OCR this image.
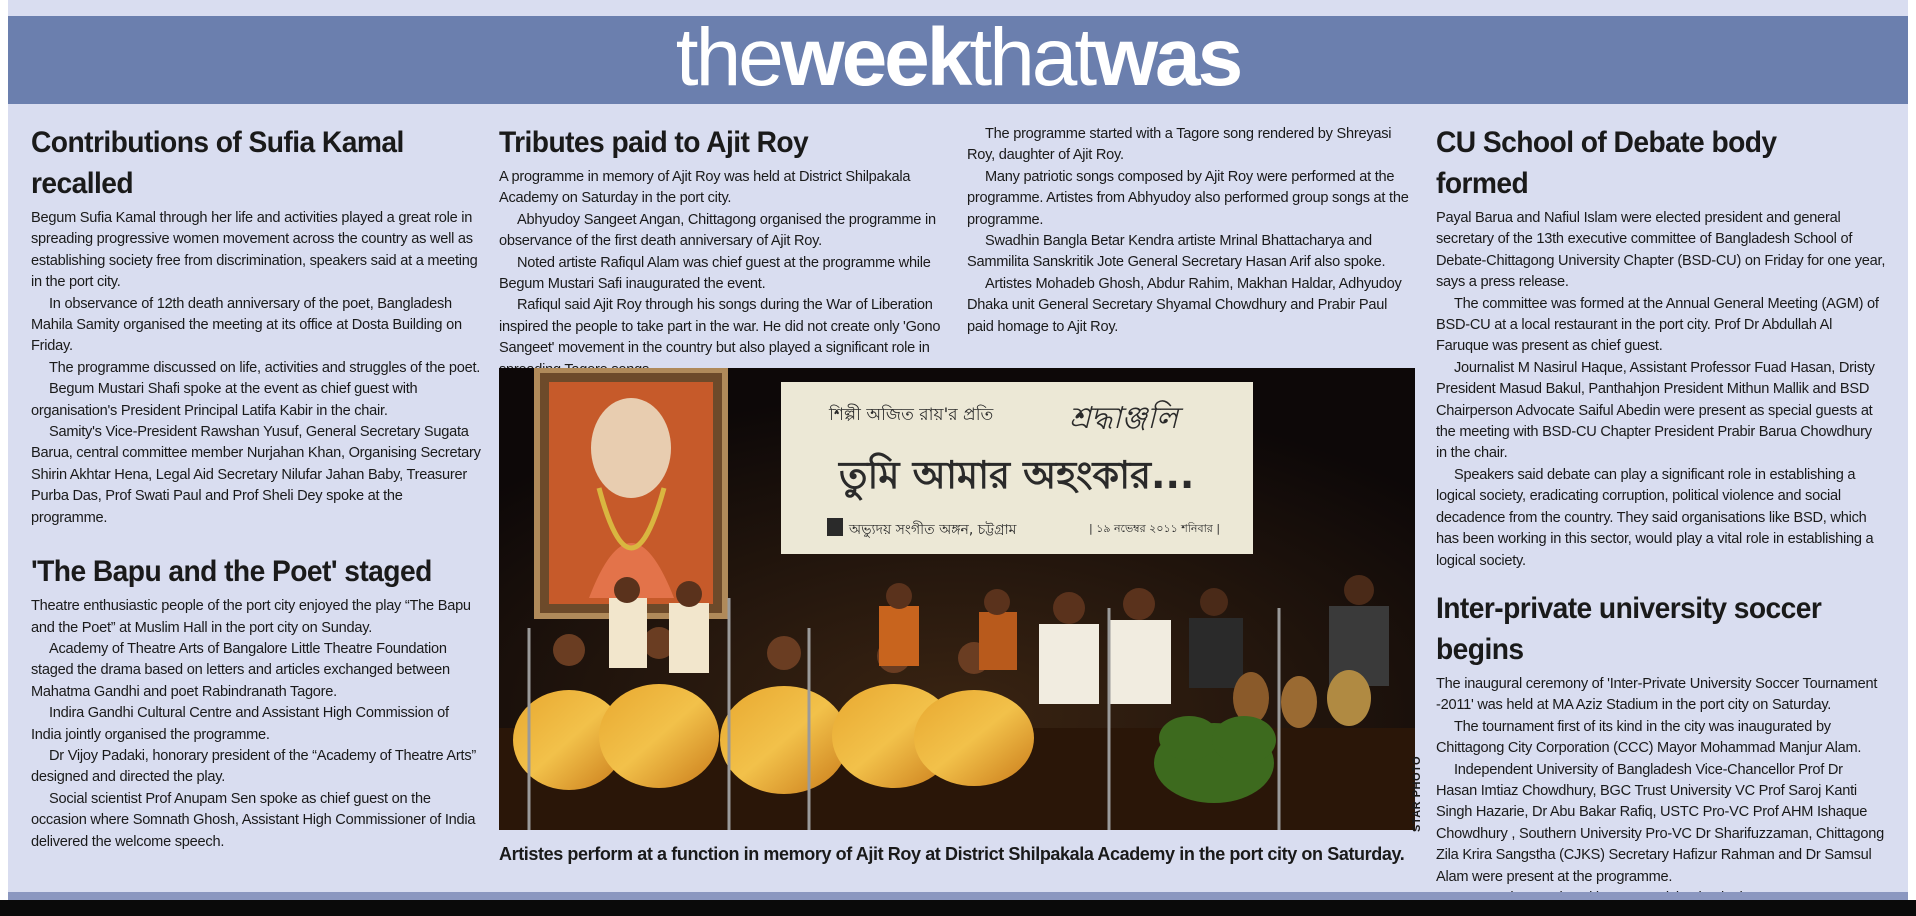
theweekthatwas
Contributions of Sufia Kamal recalled

Begum Sufia Kamal through her life and activities played a great role in spreading progressive women movement across the country as well as establishing society free from discrimination, speakers said at a meeting in the port city.

In observance of 12th death anniversary of the poet, Bangladesh Mahila Samity organised the meeting at its office at Dosta Building on Friday.

The programme discussed on life, activities and struggles of the poet.

Begum Mustari Shafi spoke at the event as chief guest with organisation's President Principal Latifa Kabir in the chair.

Samity's Vice-President Rawshan Yusuf, General Secretary Sugata Barua, central committee member Nurjahan Khan, Organising Secretary Shirin Akhtar Hena, Legal Aid Secretary Nilufar Jahan Baby, Treasurer Purba Das, Prof Swati Paul and Prof Sheli Dey spoke at the programme.

'The Bapu and the Poet' staged

Theatre enthusiastic people of the port city enjoyed the play “The Bapu and the Poet” at Muslim Hall in the port city on Sunday.

Academy of Theatre Arts of Bangalore Little Theatre Foundation staged the drama based on letters and articles exchanged between Mahatma Gandhi and poet Rabindranath Tagore.

Indira Gandhi Cultural Centre and Assistant High Commission of India jointly organised the programme.

Dr Vijoy Padaki, honorary president of the “Academy of Theatre Arts” designed and directed the play.

Social scientist Prof Anupam Sen spoke as chief guest on the occasion where Somnath Ghosh, Assistant High Commissioner of India delivered the welcome speech.

Tributes paid to Ajit Roy

A programme in memory of Ajit Roy was held at District Shilpakala Academy on Saturday in the port city.

Abhyudoy Sangeet Angan, Chittagong organised the programme in observance of the first death anniversary of Ajit Roy.

Noted artiste Rafiqul Alam was chief guest at the programme while Begum Mustari Safi inaugurated the event.

Rafiqul said Ajit Roy through his songs during the War of Liberation inspired the people to take part in the war. He did not create only 'Gono Sangeet' movement in the country but also played a significant role in

The programme started with a Tagore song rendered by Shreyasi Roy, daughter of Ajit Roy.

Many patriotic songs composed by Ajit Roy were performed at the programme. Artistes from Abhyudoy also performed group songs at the programme.

Swadhin Bangla Betar Kendra artiste Mrinal Bhattacharya and Sammilita Sanskritik Jote General Secretary Hasan Arif also spoke.

Artistes Mohadeb Ghosh, Abdur Rahim, Makhan Haldar, Adhyudoy Dhaka unit General Secretary Shyamal Chowdhury and Prabir Paul paid homage to Ajit Roy.

CU School of Debate body formed

Payal Barua and Nafiul Islam were elected president and general secretary of the 13th executive committee of Bangladesh School of Debate-Chittagong University Chapter (BSD-CU) on Friday for one year, says a press release.

The committee was formed at the Annual General Meeting (AGM) of BSD-CU at a local restaurant in the port city. Prof Dr Abdullah Al Faruque was present as chief guest.

Journalist M Nasirul Haque, Assistant Professor Fuad Hasan, Dristy President Masud Bakul, Panthahjon President Mithun Mallik and BSD Chairperson Advocate Saiful Abedin were present as special guests at the meeting with BSD-CU Chapter President Prabir Barua Chowdhury in the chair.

Speakers said debate can play a significant role in establishing a logical society, eradicating corruption, political violence and social decadence from the country. They said organisations like BSD, which has been working in this sector, would play a vital role in establishing a logical society.

Inter-private university soccer begins

The inaugural ceremony of 'Inter-Private University Soccer Tournament -2011' was held at MA Aziz Stadium in the port city on Saturday.

The tournament first of its kind in the city was inaugurated by Chittagong City Corporation (CCC) Mayor Mohammad Manjur Alam.

Independent University of Bangladesh Vice-Chancellor Prof Dr Hasan Imtiaz Chowdhury, BGC Trust University VC Prof Saroj Kanti Singh Hazarie, Dr Abu Bakar Rafiq, USTC Pro-VC Prof AHM Ishaque Chowdhury , Southern University Pro-VC Dr Sharifuzzaman, Chittagong Zila Krira Sangstha (CJKS) Secretary Hafizur Rahman and Dr Samsul Alam were present at the programme.

শিল্পী অজিত রায়'র প্রতি	শ্রদ্ধাঞ্জলি
তুমি আমার অহংকার...
অভ্যুদয় সংগীত অঙ্গন, চট্টগ্রাম	| ১৯ নভেম্বর ২০১১ শনিবার |
STAR PHOTO
Artistes perform at a function in memory of Ajit Roy at District Shilpakala Academy in the port city on Saturday.
